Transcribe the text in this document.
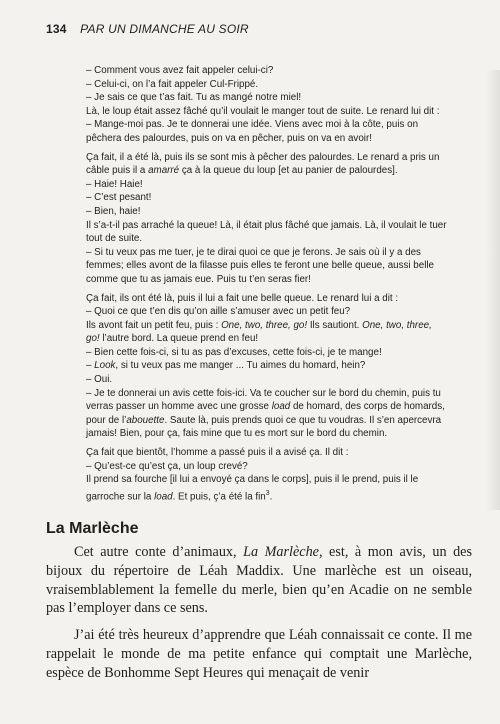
134 PAR UN DIMANCHE AU SOIR

– Comment vous avez fait appeler celui-ci?

– Celui-ci, on l’a fait appeler Cul-Frippé.

– Je sais ce que t’as fait. Tu as mangé notre miel!

Là, le loup était assez fâché qu’il voulait le manger tout de suite. Le renard lui dit :

– Mange-moi pas. Je te donnerai une idée. Viens avec moi à la côte, puis on pêchera des palourdes, puis on va en pêcher, puis on va en avoir!

Ça fait, il a été là, puis ils se sont mis à pêcher des palourdes. Le renard a pris un câble puis il a amarré ça à la queue du loup [et au panier de palourdes].

– Haie! Haie!

– C’est pesant!

– Bien, haie!

Il s’a-t-il pas arraché la queue! Là, il était plus fâché que jamais. Là, il voulait le tuer tout de suite.

– Si tu veux pas me tuer, je te dirai quoi ce que je ferons. Je sais où il y a des femmes; elles avont de la filasse puis elles te feront une belle queue, aussi belle comme que tu as jamais eue. Puis tu t’en seras fier!

Ça fait, ils ont été là, puis il lui a fait une belle queue. Le renard lui a dit :

– Quoi ce que t’en dis qu’on aille s’amuser avec un petit feu?

Ils avont fait un petit feu, puis : One, two, three, go! Ils sautiont. One, two, three, go! l’autre bord. La queue prend en feu!

– Bien cette fois-ci, si tu as pas d’excuses, cette fois-ci, je te mange!

– Look, si tu veux pas me manger ... Tu aimes du homard, hein?

– Oui.

– Je te donnerai un avis cette fois-ici. Va te coucher sur le bord du chemin, puis tu verras passer un homme avec une grosse load de homard, des corps de homards, pour de l’abouette. Saute là, puis prends quoi ce que tu voudras. Il s’en apercevra jamais! Bien, pour ça, fais mine que tu es mort sur le bord du chemin.

Ça fait que bientôt, l’homme a passé puis il a avisé ça. Il dit :

– Qu’est-ce qu’est ça, un loup crevé?

Il prend sa fourche [il lui a envoyé ça dans le corps], puis il le prend, puis il le garroche sur la load. Et puis, ç’a été la fin$^3$.

La Marlèche

Cet autre conte d’animaux, La Marlèche, est, à mon avis, un des bijoux du répertoire de Léah Maddix. Une marlèche est un oiseau, vraisemblablement la femelle du merle, bien qu’en Acadie on ne semble pas l’employer dans ce sens.

J’ai été très heureux d’apprendre que Léah connaissait ce conte. Il me rappelait le monde de ma petite enfance qui comptait une Marlèche, espèce de Bonhomme Sept Heures qui menaçait de venir
